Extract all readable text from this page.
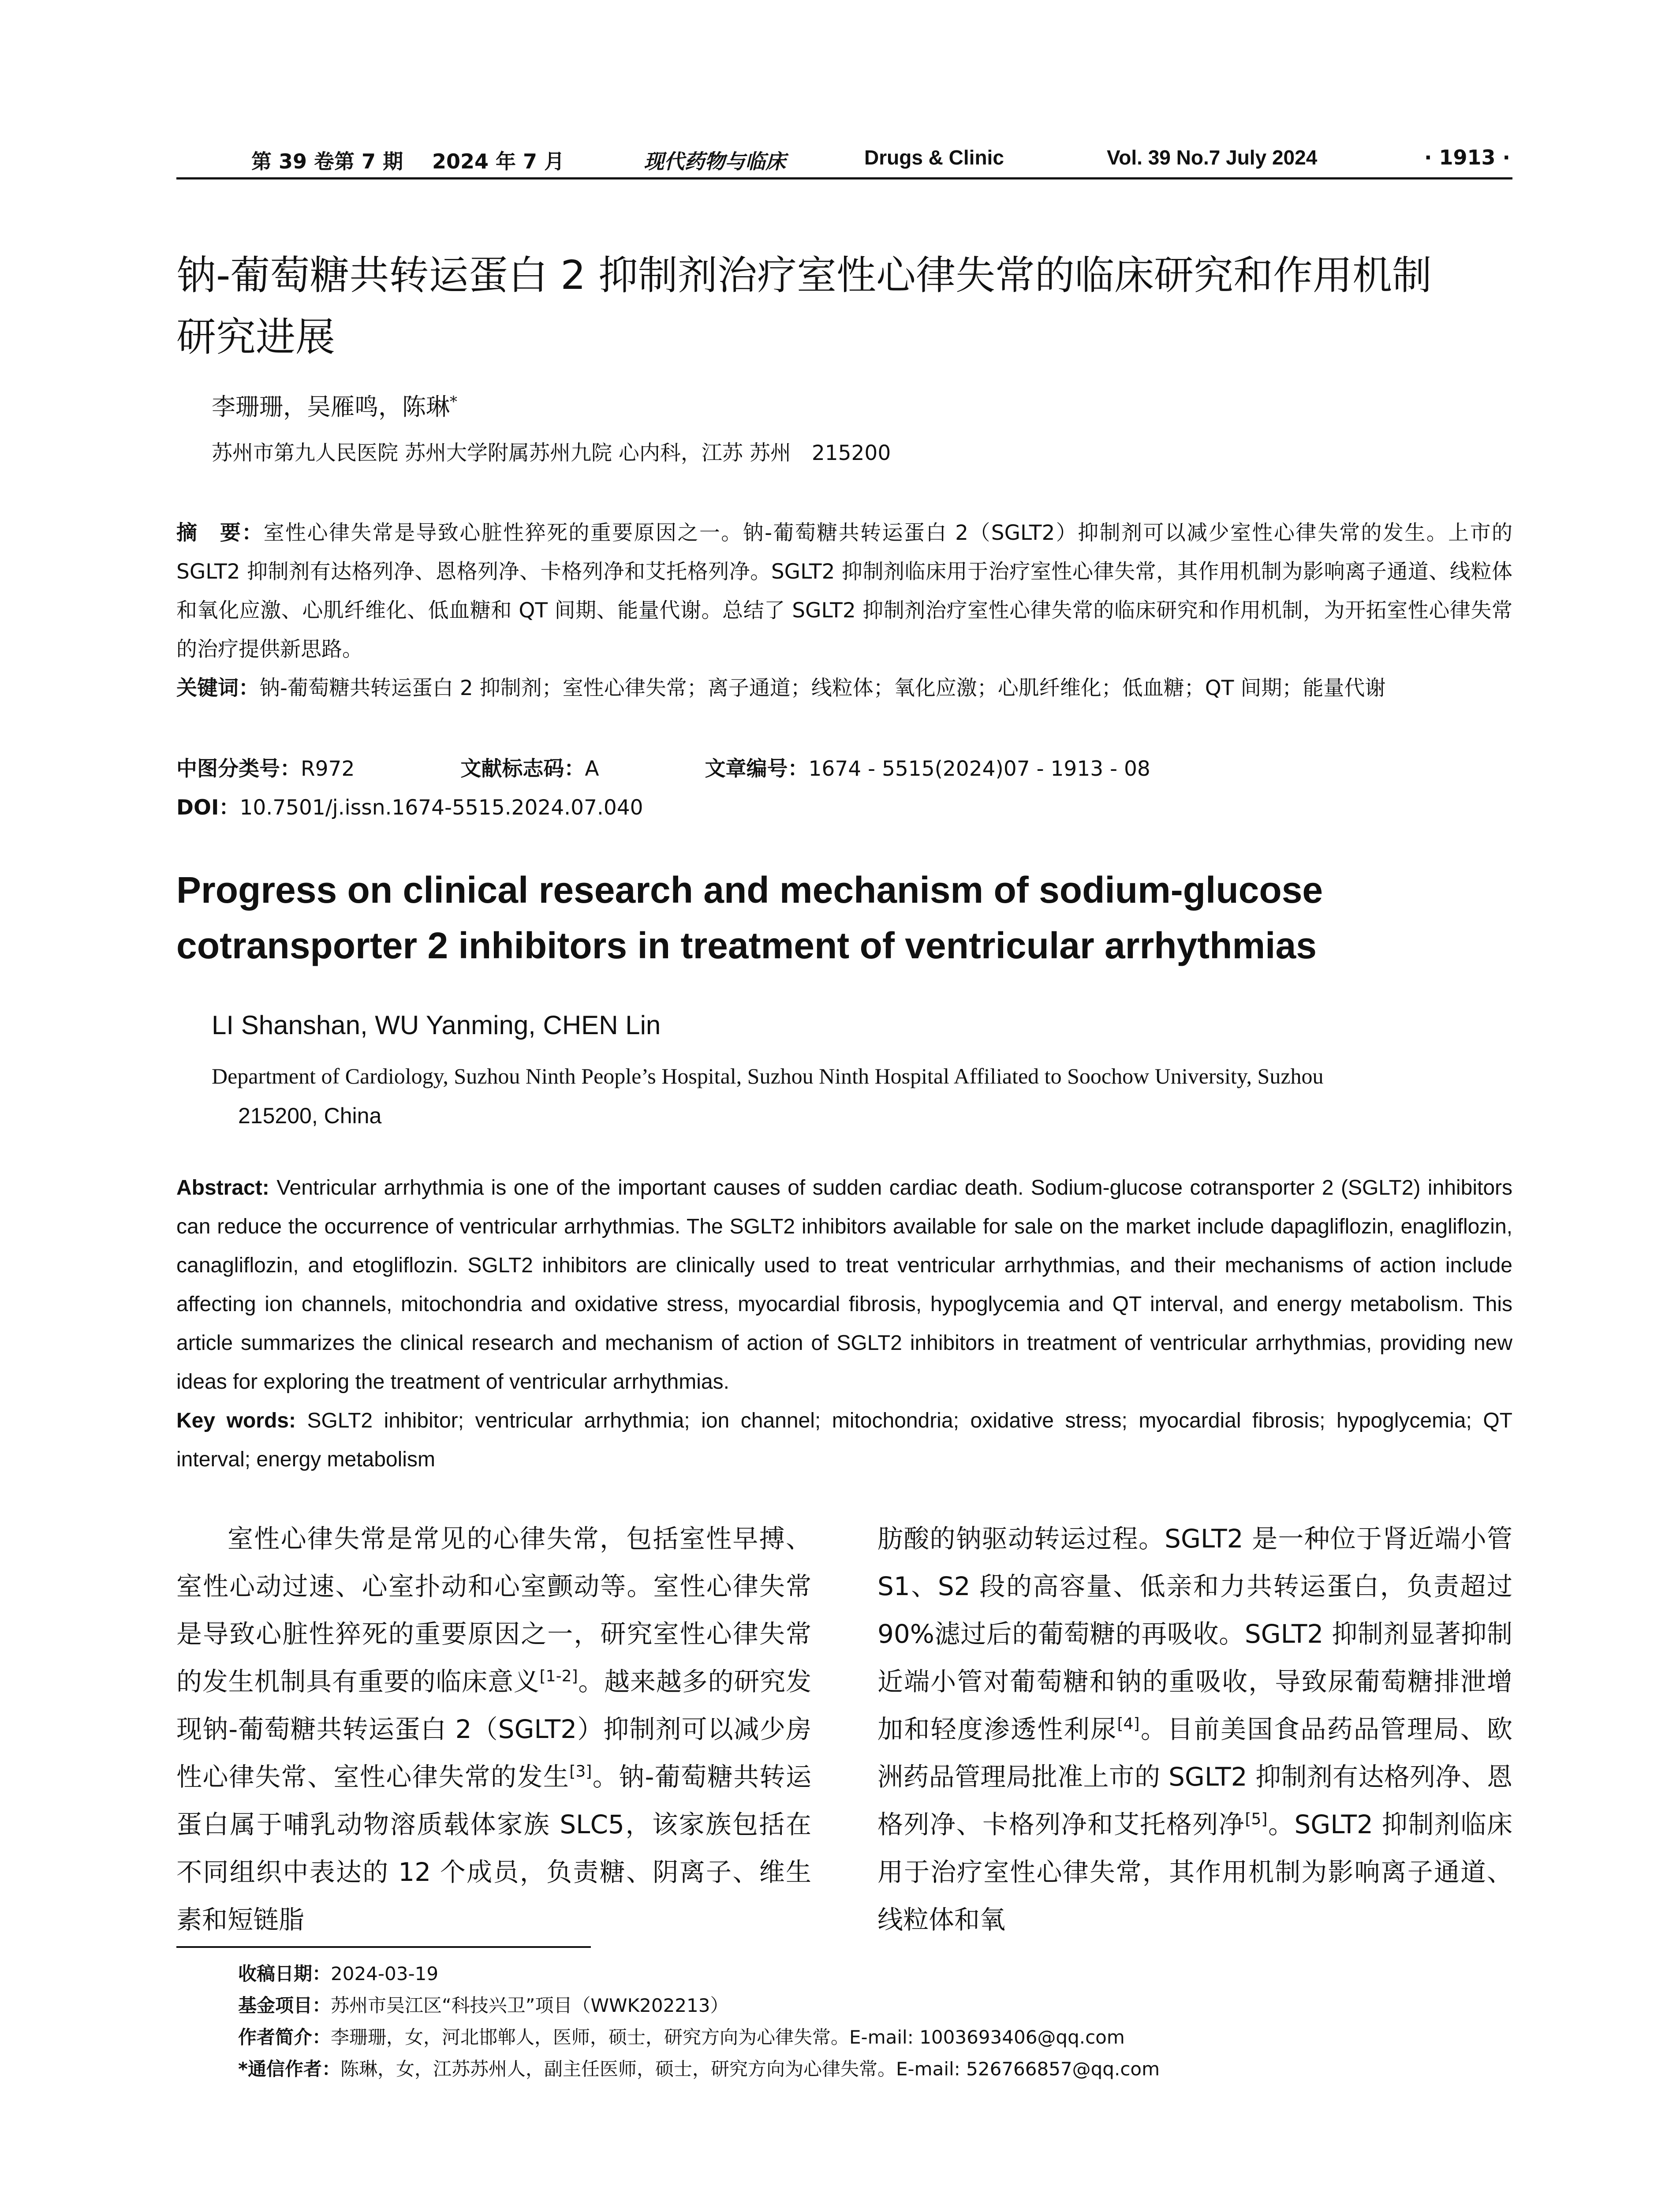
第 39 卷第 7 期 2024 年 7 月	现代药物与临床	Drugs & Clinic	Vol. 39 No.7 July 2024	· 1913 ·
钠-葡萄糖共转运蛋白 2 抑制剂治疗室性心律失常的临床研究和作用机制
研究进展
李珊珊，吴雁鸣，陈琳*
苏州市第九人民医院 苏州大学附属苏州九院 心内科，江苏 苏州　215200

摘　要：室性心律失常是导致心脏性猝死的重要原因之一。钠-葡萄糖共转运蛋白 2（SGLT2）抑制剂可以减少室性心律失常的发生。上市的 SGLT2 抑制剂有达格列净、恩格列净、卡格列净和艾托格列净。SGLT2 抑制剂临床用于治疗室性心律失常，其作用机制为影响离子通道、线粒体和氧化应激、心肌纤维化、低血糖和 QT 间期、能量代谢。总结了 SGLT2 抑制剂治疗室性心律失常的临床研究和作用机制，为开拓室性心律失常的治疗提供新思路。

关键词：钠-葡萄糖共转运蛋白 2 抑制剂；室性心律失常；离子通道；线粒体；氧化应激；心肌纤维化；低血糖；QT 间期；能量代谢

中图分类号：R972	文献标志码：A	文章编号：1674 - 5515(2024)07 - 1913 - 08
DOI：10.7501/j.issn.1674-5515.2024.07.040
Progress on clinical research and mechanism of sodium-glucose cotransporter 2 inhibitors in treatment of ventricular arrhythmias
LI Shanshan, WU Yanming, CHEN Lin
Department of Cardiology, Suzhou Ninth People’s Hospital, Suzhou Ninth Hospital Affiliated to Soochow University, Suzhou
215200, China

Abstract: Ventricular arrhythmia is one of the important causes of sudden cardiac death. Sodium-glucose cotransporter 2 (SGLT2) inhibitors can reduce the occurrence of ventricular arrhythmias. The SGLT2 inhibitors available for sale on the market include dapagliflozin, enagliflozin, canagliflozin, and etogliflozin. SGLT2 inhibitors are clinically used to treat ventricular arrhythmias, and their mechanisms of action include affecting ion channels, mitochondria and oxidative stress, myocardial fibrosis, hypoglycemia and QT interval, and energy metabolism. This article summarizes the clinical research and mechanism of action of SGLT2 inhibitors in treatment of ventricular arrhythmias, providing new ideas for exploring the treatment of ventricular arrhythmias.

Key words: SGLT2 inhibitor; ventricular arrhythmia; ion channel; mitochondria; oxidative stress; myocardial fibrosis; hypoglycemia; QT interval; energy metabolism

室性心律失常是常见的心律失常，包括室性早搏、室性心动过速、心室扑动和心室颤动等。室性心律失常是导致心脏性猝死的重要原因之一，研究室性心律失常的发生机制具有重要的临床意义[1-2]。越来越多的研究发现钠-葡萄糖共转运蛋白 2（SGLT2）抑制剂可以减少房性心律失常、室性心律失常的发生[3]。钠-葡萄糖共转运蛋白属于哺乳动物溶质载体家族 SLC5，该家族包括在不同组织中表达的 12 个成员，负责糖、阴离子、维生素和短链脂
肪酸的钠驱动转运过程。SGLT2 是一种位于肾近端小管 S1、S2 段的高容量、低亲和力共转运蛋白，负责超过 90%滤过后的葡萄糖的再吸收。SGLT2 抑制剂显著抑制近端小管对葡萄糖和钠的重吸收，导致尿葡萄糖排泄增加和轻度渗透性利尿[4]。目前美国食品药品管理局、欧洲药品管理局批准上市的 SGLT2 抑制剂有达格列净、恩格列净、卡格列净和艾托格列净[5]。SGLT2 抑制剂临床用于治疗室性心律失常，其作用机制为影响离子通道、线粒体和氧
收稿日期：2024-03-19
基金项目：苏州市吴江区“科技兴卫”项目（WWK202213）
作者简介：李珊珊，女，河北邯郸人，医师，硕士，研究方向为心律失常。E-mail: 1003693406@qq.com
*通信作者：陈琳，女，江苏苏州人，副主任医师，硕士，研究方向为心律失常。E-mail: 526766857@qq.com
